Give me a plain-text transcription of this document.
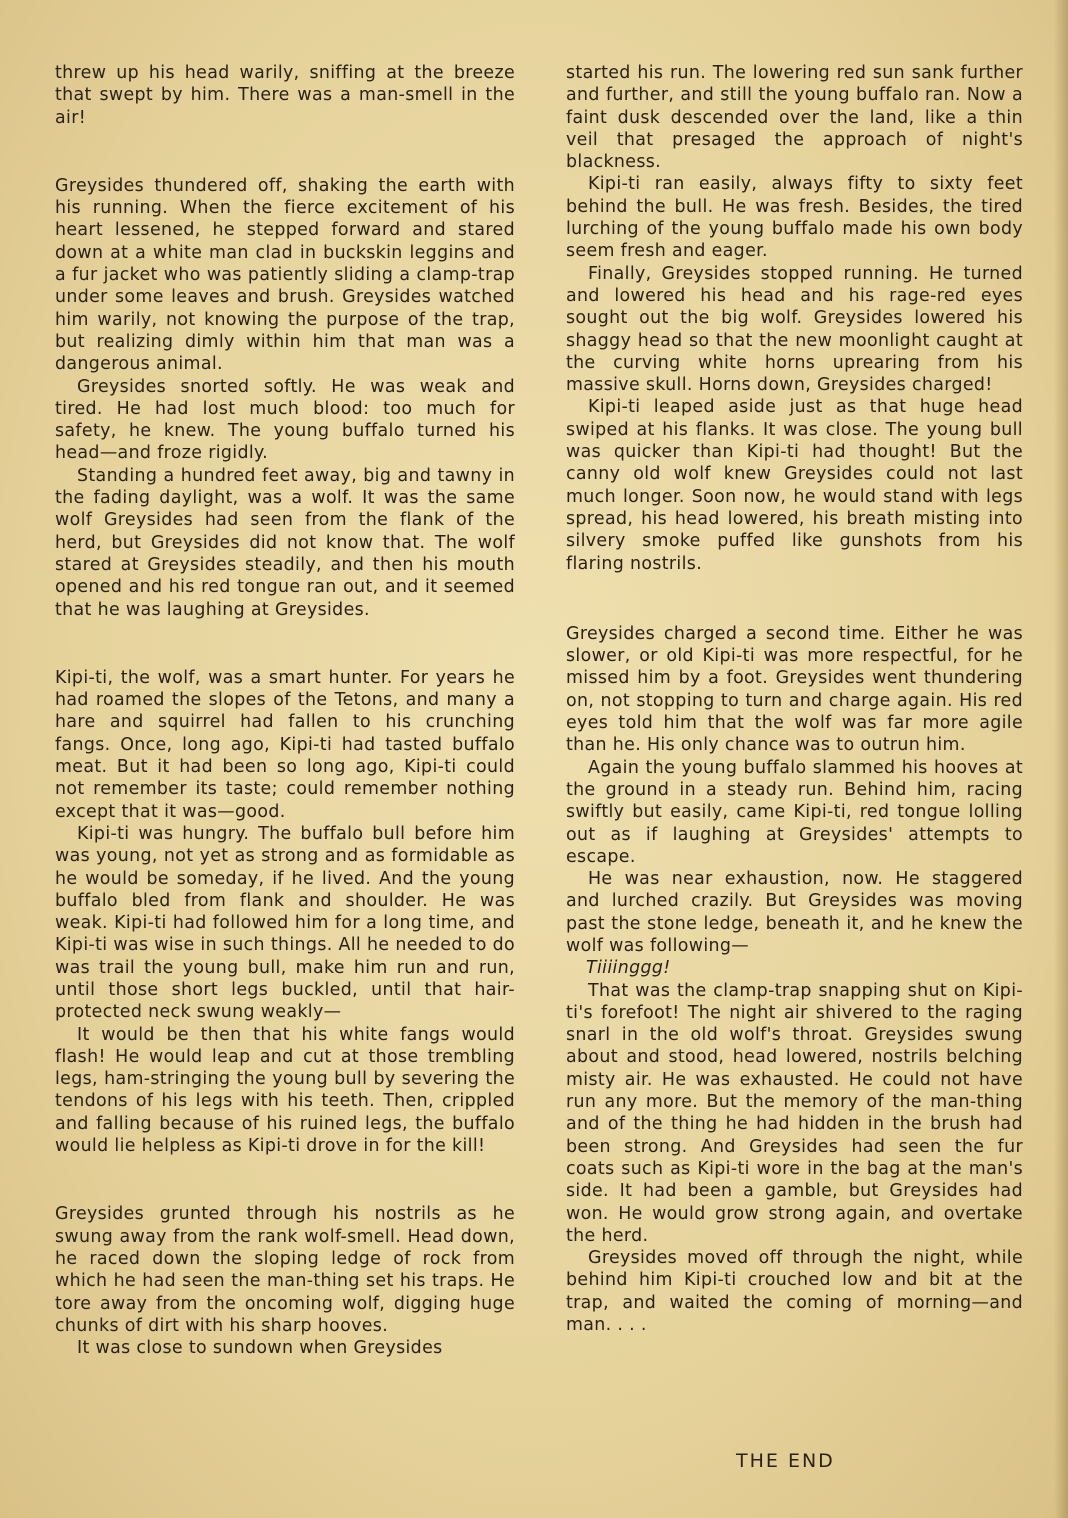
threw up his head warily, sniffing at the breeze that swept by him. There was a man-smell in the air!

Greysides thundered off, shaking the earth with his running. When the fierce excitement of his heart lessened, he stepped forward and stared down at a white man clad in buckskin leggins and a fur jacket who was patiently sliding a clamp-trap under some leaves and brush. Greysides watched him warily, not knowing the purpose of the trap, but realizing dimly within him that man was a dangerous animal.

Greysides snorted softly. He was weak and tired. He had lost much blood: too much for safety, he knew. The young buffalo turned his head—and froze rigidly.

Standing a hundred feet away, big and tawny in the fading daylight, was a wolf. It was the same wolf Greysides had seen from the flank of the herd, but Greysides did not know that. The wolf stared at Greysides steadily, and then his mouth opened and his red tongue ran out, and it seemed that he was laughing at Greysides.

Kipi-ti, the wolf, was a smart hunter. For years he had roamed the slopes of the Tetons, and many a hare and squirrel had fallen to his crunching fangs. Once, long ago, Kipi-ti had tasted buffalo meat. But it had been so long ago, Kipi-ti could not remember its taste; could remember nothing except that it was—good.

Kipi-ti was hungry. The buffalo bull before him was young, not yet as strong and as formidable as he would be someday, if he lived. And the young buffalo bled from flank and shoulder. He was weak. Kipi-ti had followed him for a long time, and Kipi-ti was wise in such things. All he needed to do was trail the young bull, make him run and run, until those short legs buckled, until that hair-protected neck swung weakly—

It would be then that his white fangs would flash! He would leap and cut at those trembling legs, ham-stringing the young bull by severing the tendons of his legs with his teeth. Then, crippled and falling because of his ruined legs, the buffalo would lie helpless as Kipi-ti drove in for the kill!

Greysides grunted through his nostrils as he swung away from the rank wolf-smell. Head down, he raced down the sloping ledge of rock from which he had seen the man-thing set his traps. He tore away from the oncoming wolf, digging huge chunks of dirt with his sharp hooves.

It was close to sundown when Greysides

started his run. The lowering red sun sank further and further, and still the young buffalo ran. Now a faint dusk descended over the land, like a thin veil that presaged the approach of night's blackness.

Kipi-ti ran easily, always fifty to sixty feet behind the bull. He was fresh. Besides, the tired lurching of the young buffalo made his own body seem fresh and eager.

Finally, Greysides stopped running. He turned and lowered his head and his rage-red eyes sought out the big wolf. Greysides lowered his shaggy head so that the new moonlight caught at the curving white horns uprearing from his massive skull. Horns down, Greysides charged!

Kipi-ti leaped aside just as that huge head swiped at his flanks. It was close. The young bull was quicker than Kipi-ti had thought! But the canny old wolf knew Greysides could not last much longer. Soon now, he would stand with legs spread, his head lowered, his breath misting into silvery smoke puffed like gunshots from his flaring nostrils.

Greysides charged a second time. Either he was slower, or old Kipi-ti was more respectful, for he missed him by a foot. Greysides went thundering on, not stopping to turn and charge again. His red eyes told him that the wolf was far more agile than he. His only chance was to outrun him.

Again the young buffalo slammed his hooves at the ground in a steady run. Behind him, racing swiftly but easily, came Kipi-ti, red tongue lolling out as if laughing at Greysides' attempts to escape.

He was near exhaustion, now. He staggered and lurched crazily. But Greysides was moving past the stone ledge, beneath it, and he knew the wolf was following—

Tiiiinggg!

That was the clamp-trap snapping shut on Kipi-ti's forefoot! The night air shivered to the raging snarl in the old wolf's throat. Greysides swung about and stood, head lowered, nostrils belching misty air. He was exhausted. He could not have run any more. But the memory of the man-thing and of the thing he had hidden in the brush had been strong. And Greysides had seen the fur coats such as Kipi-ti wore in the bag at the man's side. It had been a gamble, but Greysides had won. He would grow strong again, and overtake the herd.

Greysides moved off through the night, while behind him Kipi-ti crouched low and bit at the trap, and waited the coming of morning—and man. . . .

THE END
